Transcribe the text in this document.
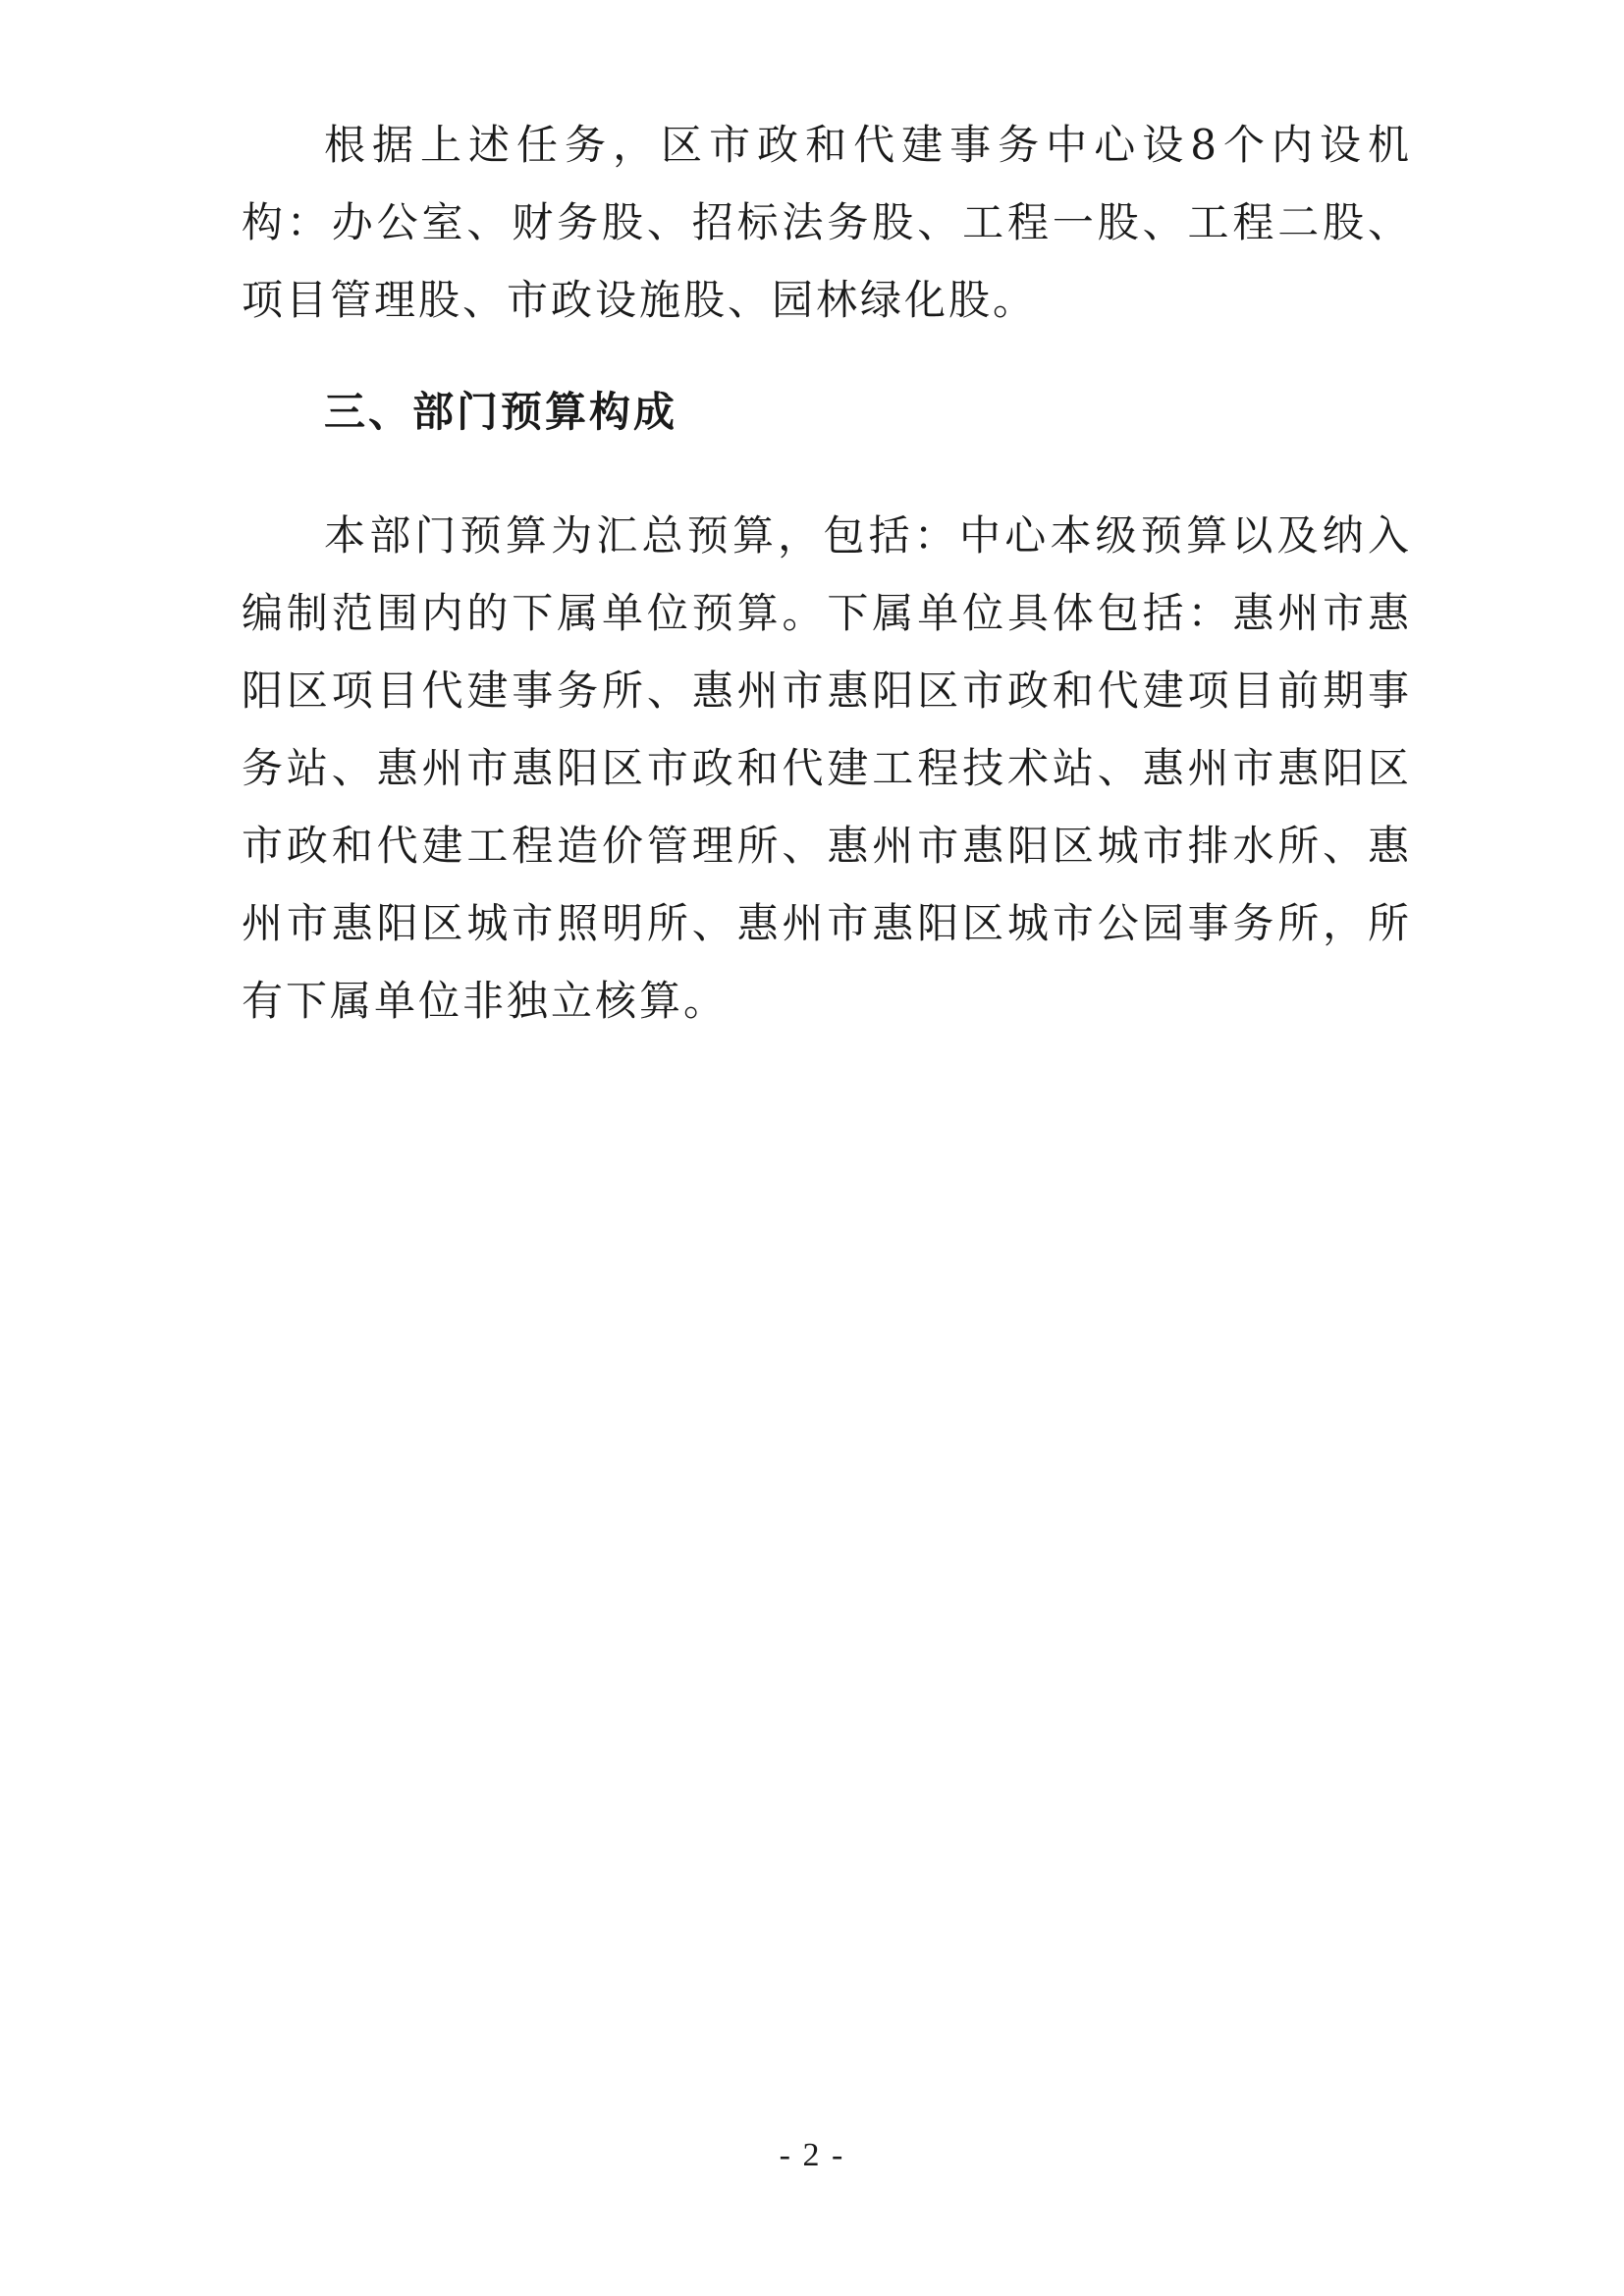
根据上述任务，区市政和代建事务中心设8个内设机构：办公室、财务股、招标法务股、工程一股、工程二股、项目管理股、市政设施股、园林绿化股。

三、部门预算构成

本部门预算为汇总预算，包括：中心本级预算以及纳入编制范围内的下属单位预算。下属单位具体包括：惠州市惠阳区项目代建事务所、惠州市惠阳区市政和代建项目前期事务站、惠州市惠阳区市政和代建工程技术站、惠州市惠阳区市政和代建工程造价管理所、惠州市惠阳区城市排水所、惠州市惠阳区城市照明所、惠州市惠阳区城市公园事务所，所有下属单位非独立核算。

- 2 -
